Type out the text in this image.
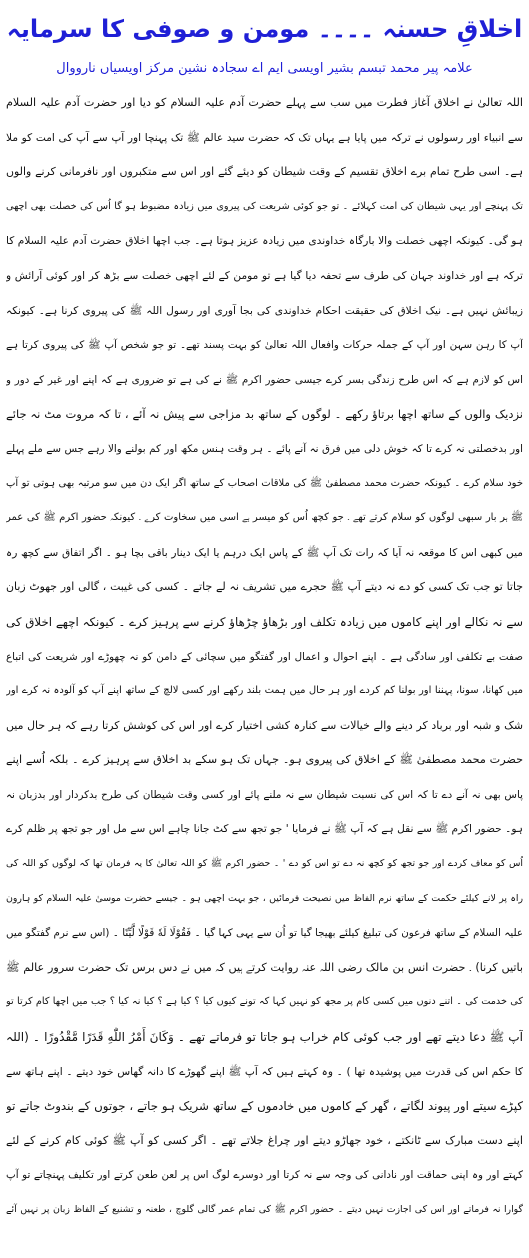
اخلاقِ حسنہ ۔۔۔۔ مومن و صوفی کا سرمایہ
علامہ پیر محمد تبسم بشیر اویسی ایم اے سجادہ نشین مرکز اویسیاں نارووال
اللہ تعالیٰ نے اخلاق آغاز فطرت میں سب سے پہلے حضرت آدم علیہ السلام کو دیا اور حضرت آدم علیہ السلام
سے انبیاء اور رسولوں نے ترکہ میں پایا ہے یہاں تک کہ حضرت سید عالم ﷺ تک پہنچا اور آپ سے آپ کی امت کو ملا
ہے۔ اسی طرح تمام برے اخلاق تقسیم کے وقت شیطان کو دیئے گئے اور اس سے متکبروں اور نافرمانی کرنے والوں
تک پہنچے اور یہی شیطان کی امت کہلائے ۔ تو جو کوئی شریعت کی پیروی میں زیادہ مضبوط ہو گا اُس کی خصلت بھی اچھی
ہو گی۔ کیونکہ اچھی خصلت والا بارگاہ خداوندی میں زیادہ عزیز ہوتا ہے۔ جب اچھا اخلاق حضرت آدم علیہ السلام کا
ترکہ ہے اور خداوند جہان کی طرف سے تحفہ دیا گیا ہے تو مومن کے لئے اچھی خصلت سے بڑھ کر اور کوئی آرائش و
زیبائش نہیں ہے۔ نیک اخلاق کی حقیقت احکام خداوندی کی بجا آوری اور رسول اللہ ﷺ کی پیروی کرنا ہے۔ کیونکہ
آپ کا رہن سہن اور آپ کے جملہ حرکات وافعال اللہ تعالیٰ کو بہت پسند تھے۔ تو جو شخص آپ ﷺ کی پیروی کرتا ہے
اس کو لازم ہے کہ اس طرح زندگی بسر کرے جیسی حضور اکرم ﷺ نے کی ہے تو ضروری ہے کہ اپنے اور غیر کے دور و
نزدیک والوں کے ساتھ اچھا برتاؤ رکھے ۔ لوگوں کے ساتھ بد مزاجی سے پیش نہ آئے ، تا کہ مروت مٹ نہ جائے
اور بدخصلتی نہ کرے تا کہ خوش دلی میں فرق نہ آنے پائے ۔ ہر وقت ہنس مکھ اور کم بولنے والا رہے جس سے ملے پہلے
خود سلام کرے ۔ کیونکہ حضرت محمد مصطفیٰ ﷺ کی ملاقات اصحاب کے ساتھ اگر ایک دن میں سو مرتبہ بھی ہوتی تو آپ
ﷺ ہر بار سبھی لوگوں کو سلام کرتے تھے ۔ جو کچھ اُس کو میسر ہے اسی میں سخاوت کرے ۔ کیونکہ حضور اکرم ﷺ کی عمر
میں کبھی اس کا موقعہ نہ آیا کہ رات تک آپ ﷺ کے پاس ایک درہم یا ایک دینار باقی بچا ہو ۔ اگر اتفاق سے کچھ رہ
جاتا تو جب تک کسی کو دے نہ دیتے آپ ﷺ حجرے میں تشریف نہ لے جاتے ۔ کسی کی غیبت ، گالی اور جھوٹ زبان
سے نہ نکالے اور اپنے کاموں میں زیادہ تکلف اور بڑھاؤ چڑھاؤ کرنے سے پرہیز کرے ۔ کیونکہ اچھے اخلاق کی
صفت بے تکلفی اور سادگی ہے ۔ اپنے احوال و اعمال اور گفتگو میں سچائی کے دامن کو نہ چھوڑے اور شریعت کی اتباع
میں کھانا، سونا، پہننا اور بولنا کم کردے اور ہر حال میں ہمت بلند رکھے اور کسی لالچ کے ساتھ اپنے آپ کو آلودہ نہ کرے اور
شک و شبہ اور برباد کر دینے والے خیالات سے کنارہ کشی اختیار کرے اور اس کی کوشش کرتا رہے کہ ہر حال میں
حضرت محمد مصطفیٰ ﷺ کے اخلاق کی پیروی ہو۔ جہاں تک ہو سکے بد اخلاق سے پرہیز کرے ۔ بلکہ اُسے اپنے
پاس بھی نہ آنے دے تا کہ اس کی نسبت شیطان سے نہ ملنے پائے اور کسی وقت شیطان کی طرح بدکردار اور بدزبان نہ
ہو۔ حضور اکرم ﷺ سے نقل ہے کہ آپ ﷺ نے فرمایا ' جو تجھ سے کٹ جانا چاہے اس سے مل اور جو تجھ پر ظلم کرے
اُس کو معاف کردے اور جو تجھ کو کچھ نہ دے تو اس کو دے ' ۔ حضور اکرم ﷺ کو اللہ تعالیٰ کا یہ فرمان تھا کہ لوگوں کو اللہ کی
راہ پر لانے کیلئے حکمت کے ساتھ نرم الفاظ میں نصیحت فرمائیں ، جو بہت اچھی ہو ۔ جیسے حضرت موسیٰ علیہ السلام کو ہارون
علیہ السلام کے ساتھ فرعون کی تبلیغ کیلئے بھیجا گیا تو اُن سے یہی کہا گیا ۔ فَقُوْلَا لَهٗ قَوْلًا لَّيِّنًا ۔ (اس سے نرم گفتگو میں
باتیں کرنا) ۔ حضرت انس بن مالک رضی اللہ عنہ روایت کرتے ہیں کہ میں نے دس برس تک حضرت سرور عالم ﷺ
کی خدمت کی ۔ اتنے دنوں میں کسی کام پر مجھ کو نہیں کہا کہ تونے کیوں کیا ؟ کیا ہے ؟ کیا نہ کیا ؟ جب میں اچھا کام کرتا تو
آپ ﷺ دعا دیتے تھے اور جب کوئی کام خراب ہو جاتا تو فرماتے تھے ۔ وَكَانَ أَمْرُ اللّٰهِ قَدَرًا مَّقْدُورًا ۔ (اللہ
کا حکم اس کی قدرت میں پوشیدہ تھا ) ۔ وہ کہتے ہیں کہ آپ ﷺ اپنے گھوڑے کا دانہ گھاس خود دیتے ۔ اپنے ہاتھ سے
کپڑے سیتے اور پیوند لگاتے ، گھر کے کاموں میں خادموں کے ساتھ شریک ہو جاتے ، جوتوں کے بندوٹ جاتے تو
اپنے دست مبارک سے ٹانکتے ، خود جھاڑو دیتے اور چراغ جلاتے تھے ۔ اگر کسی کو آپ ﷺ کوئی کام کرنے کے لئے
کہتے اور وہ اپنی حماقت اور نادانی کی وجہ سے نہ کرتا اور دوسرے لوگ اس پر لعن طعن کرتے اور تکلیف پہنچاتے تو آپ
گوارا نہ فرماتے اور اس کی اجازت نہیں دیتے ۔ حضور اکرم ﷺ کی تمام عمر گالی گلوچ ، طعنہ و تشنیع کے الفاظ زبان پر نہیں آئے
